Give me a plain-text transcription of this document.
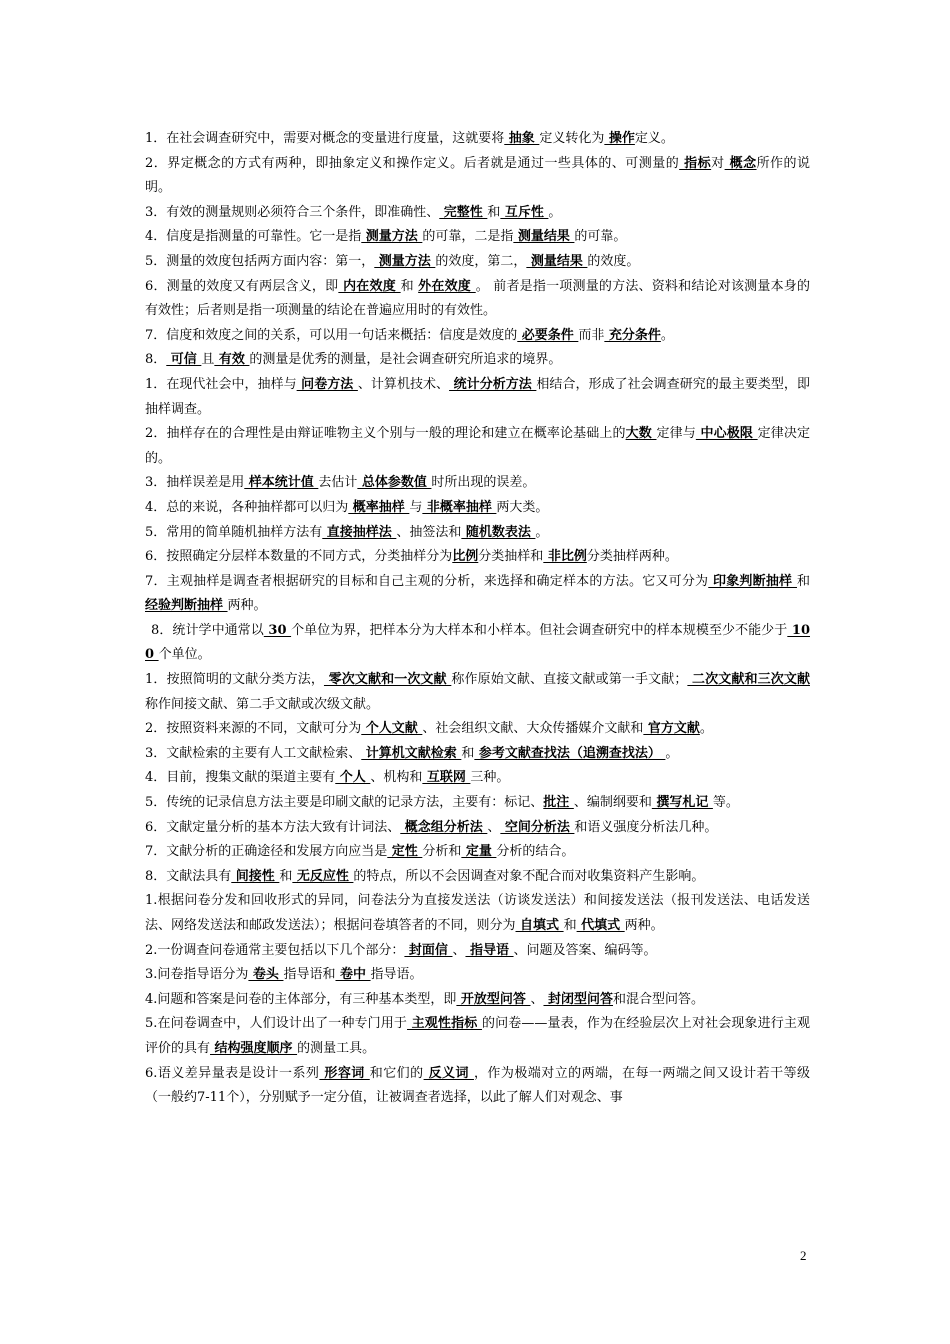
1．在社会调查研究中，需要对概念的变量进行度量，这就要将 抽象 定义转化为 操作定义。
2．界定概念的方式有两种，即抽象定义和操作定义。后者就是通过一些具体的、可测量的 指标对 概念所作的说明。
3．有效的测量规则必须符合三个条件，即准确性、 完整性 和 互斥性 。
4．信度是指测量的可靠性。它一是指 测量方法 的可靠，二是指 测量结果 的可靠。
5．测量的效度包括两方面内容：第一， 测量方法 的效度，第二， 测量结果 的效度。
6．测量的效度又有两层含义，即 内在效度 和 外在效度 。 前者是指一项测量的方法、资料和结论对该测量本身的有效性；后者则是指一项测量的结论在普遍应用时的有效性。
7．信度和效度之间的关系，可以用一句话来概括：信度是效度的 必要条件 而非 充分条件。
8． 可信 且 有效 的测量是优秀的测量，是社会调查研究所追求的境界。
1．在现代社会中，抽样与 问卷方法 、计算机技术、 统计分析方法 相结合，形成了社会调查研究的最主要类型，即抽样调查。
2．抽样存在的合理性是由辩证唯物主义个别与一般的理论和建立在概率论基础上的大数 定律与 中心极限 定律决定的。
3．抽样误差是用 样本统计值 去估计 总体参数值 时所出现的误差。
4．总的来说，各种抽样都可以归为 概率抽样 与 非概率抽样 两大类。
5．常用的简单随机抽样方法有 直接抽样法 、抽签法和 随机数表法 。
6．按照确定分层样本数量的不同方式，分类抽样分为比例分类抽样和 非比例分类抽样两种。
7．主观抽样是调查者根据研究的目标和自己主观的分析，来选择和确定样本的方法。它又可分为 印象判断抽样 和 经验判断抽样 两种。
8．统计学中通常以 30 个单位为界，把样本分为大样本和小样本。但社会调查研究中的样本规模至少不能少于 100 个单位。
1．按照简明的文献分类方法， 零次文献和一次文献 称作原始文献、直接文献或第一手文献； 二次文献和三次文献 称作间接文献、第二手文献或次级文献。
2．按照资料来源的不同，文献可分为 个人文献 、社会组织文献、大众传播媒介文献和 官方文献。
3．文献检索的主要有人工文献检索、 计算机文献检索 和 参考文献查找法（追溯查找法） 。
4．目前，搜集文献的渠道主要有 个人 、机构和 互联网 三种。
5．传统的记录信息方法主要是印刷文献的记录方法，主要有：标记、批注 、编制纲要和 撰写札记 等。
6．文献定量分析的基本方法大致有计词法、 概念组分析法 、 空间分析法 和语义强度分析法几种。
7．文献分析的正确途径和发展方向应当是 定性 分析和 定量 分析的结合。
8．文献法具有 间接性 和 无反应性 的特点，所以不会因调查对象不配合而对收集资料产生影响。
1.根据问卷分发和回收形式的异同，问卷法分为直接发送法（访谈发送法）和间接发送法（报刊发送法、电话发送法、网络发送法和邮政发送法）；根据问卷填答者的不同，则分为 自填式 和 代填式 两种。
2.一份调查问卷通常主要包括以下几个部分： 封面信 、 指导语 、问题及答案、编码等。
3.问卷指导语分为 卷头 指导语和 卷中 指导语。
4.问题和答案是问卷的主体部分，有三种基本类型，即 开放型问答 、 封闭型问答和混合型问答。
5.在问卷调查中，人们设计出了一种专门用于 主观性指标 的问卷——量表，作为在经验层次上对社会现象进行主观评价的具有 结构强度顺序 的测量工具。
6.语义差异量表是设计一系列 形容词 和它们的 反义词 ，作为极端对立的两端，在每一两端之间又设计若干等级（一般约7-11个），分别赋予一定分值，让被调查者选择，以此了解人们对观念、事
2
